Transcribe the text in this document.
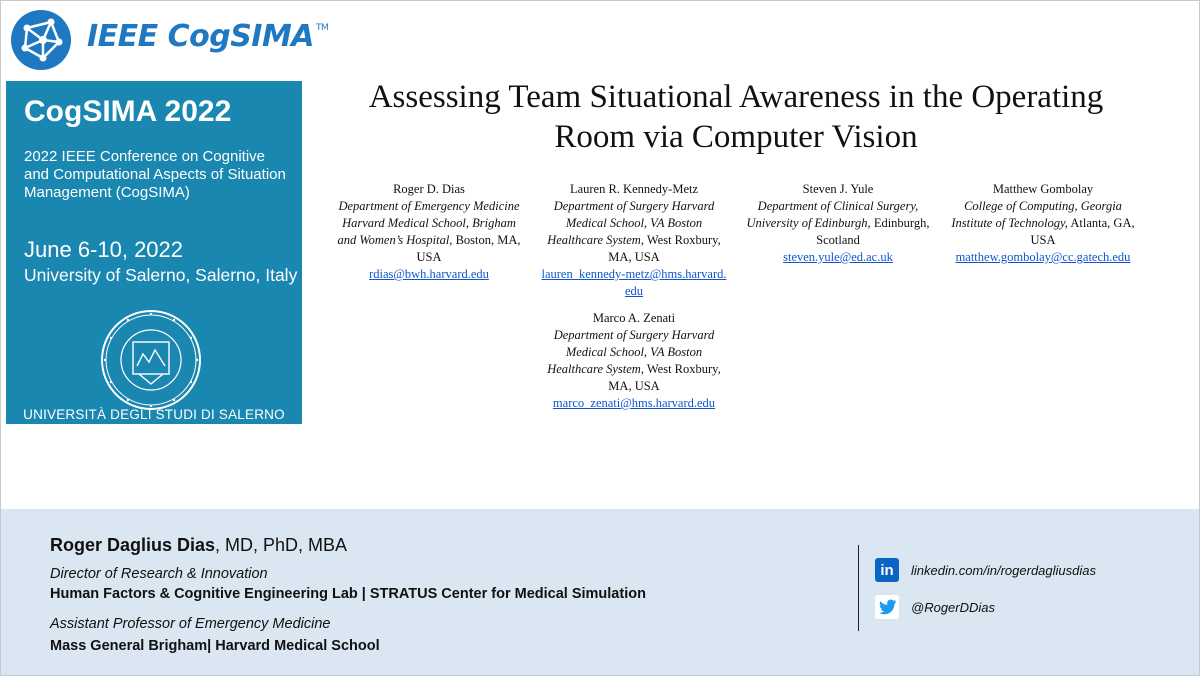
IEEE CogSIMA ™
CogSIMA 2022
2022 IEEE Conference on Cognitive and Computational Aspects of Situation Management (CogSIMA)
June 6-10, 2022
University of Salerno, Salerno, Italy
UNIVERSITÀ DEGLI STUDI DI SALERNO
Assessing Team Situational Awareness in the Operating Room via Computer Vision
Roger D. Dias
Department of Emergency Medicine Harvard Medical School, Brigham and Women’s Hospital, Boston, MA, USA
rdias@bwh.harvard.edu
Lauren R. Kennedy-Metz
Department of Surgery Harvard Medical School, VA Boston Healthcare System, West Roxbury, MA, USA
lauren_kennedy-metz@hms.harvard.edu
Steven J. Yule
Department of Clinical Surgery, University of Edinburgh, Edinburgh, Scotland
steven.yule@ed.ac.uk
Matthew Gombolay
College of Computing, Georgia Institute of Technology, Atlanta, GA, USA
matthew.gombolay@cc.gatech.edu
Marco A. Zenati
Department of Surgery Harvard Medical School, VA Boston Healthcare System, West Roxbury, MA, USA
marco_zenati@hms.harvard.edu
Roger Daglius Dias, MD, PhD, MBA
Director of Research & Innovation
Human Factors & Cognitive Engineering Lab | STRATUS Center for Medical Simulation
Assistant Professor of Emergency Medicine
Mass General Brigham| Harvard Medical School
in	linkedin.com/in/rogerdagliusdias
@RogerDDias
